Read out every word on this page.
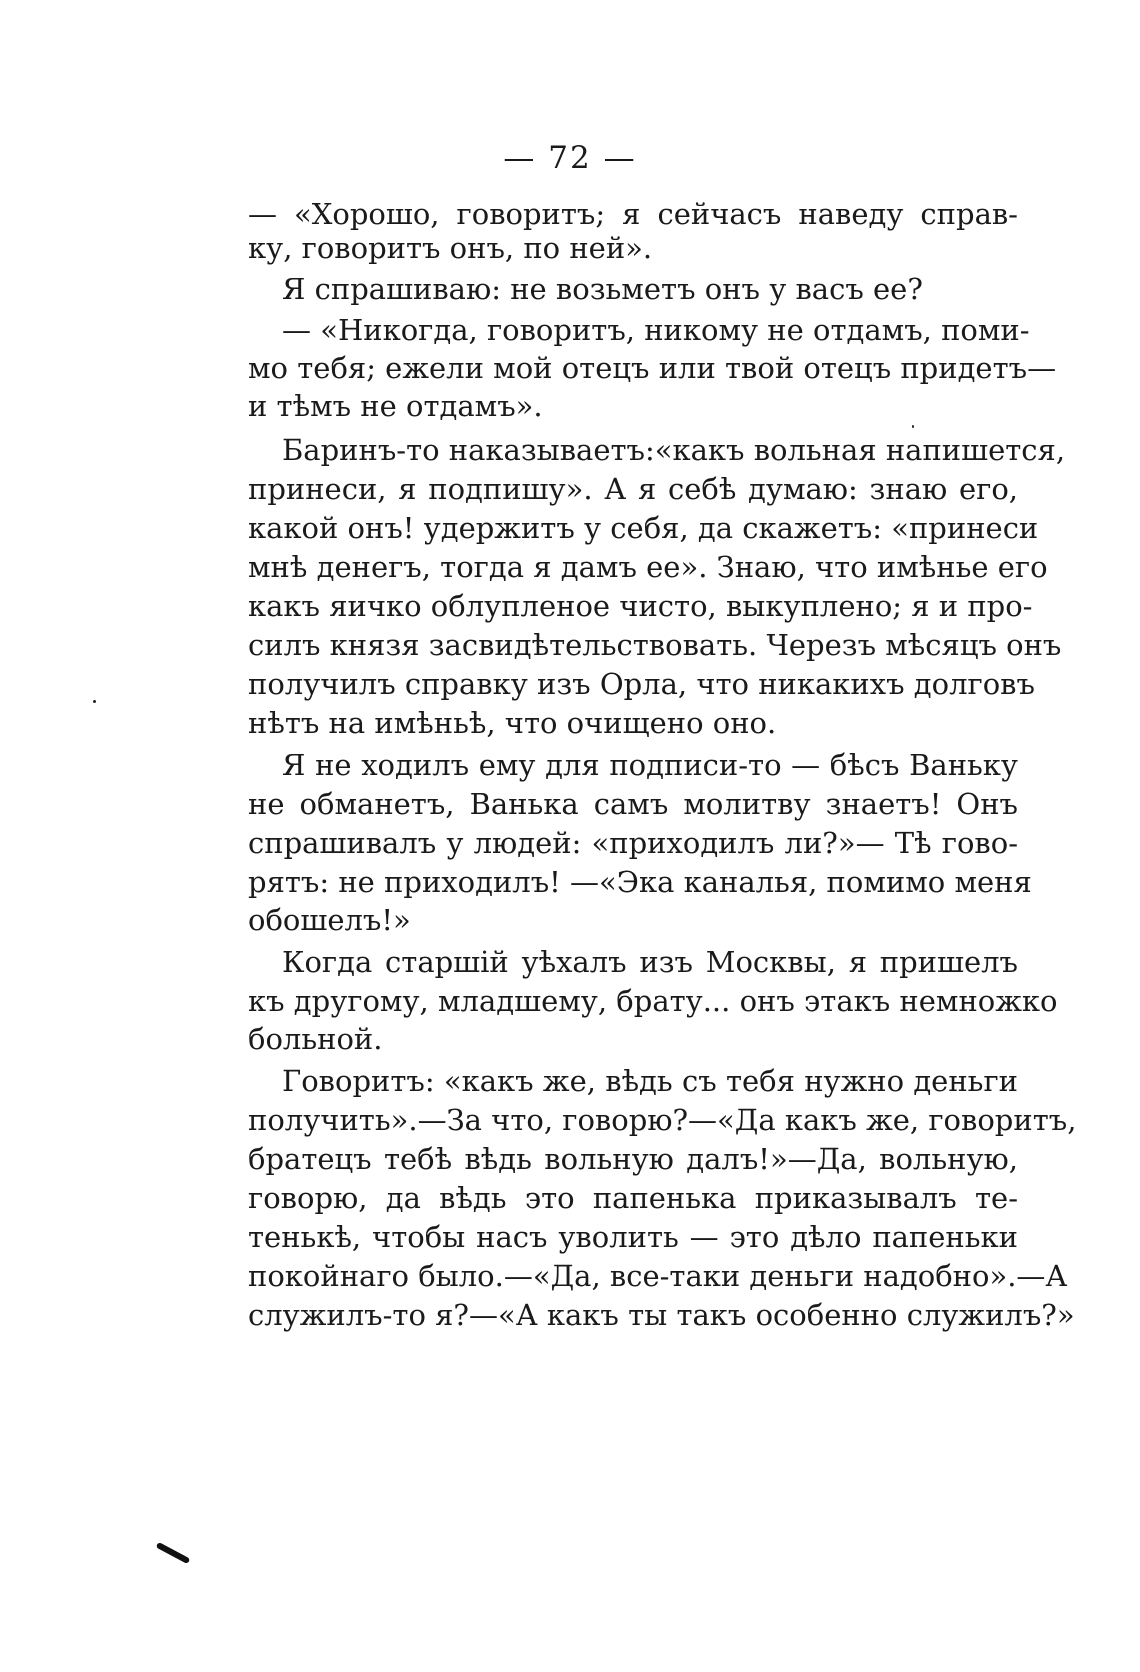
— 72 —
— «Хорошо, говоритъ; я сейчасъ наведу справ-
ку, говоритъ онъ, по ней».
Я спрашиваю: не возьметъ онъ у васъ ее?
— «Никогда, говоритъ, никому не отдамъ, поми-
мо тебя; ежели мой отецъ или твой отецъ придетъ—
и тѣмъ не отдамъ».
Баринъ-то наказываетъ:«какъ вольная напишется,
принеси, я подпишу». А я себѣ думаю: знаю его,
какой онъ! удержитъ у себя, да скажетъ: «принеси
мнѣ денегъ, тогда я дамъ ее». Знаю, что имѣнье его
какъ яичко облупленое чисто, выкуплено; я и про-
силъ князя засвидѣтельствовать. Черезъ мѣсяцъ онъ
получилъ справку изъ Орла, что никакихъ долговъ
нѣтъ на имѣньѣ, что очищено оно.
Я не ходилъ ему для подписи-то — бѣсъ Ваньку
не обманетъ, Ванька самъ молитву знаетъ! Онъ
спрашивалъ у людей: «приходилъ ли?»— Тѣ гово-
рятъ: не приходилъ! —«Эка каналья, помимо меня
обошелъ!»
Когда старшій уѣхалъ изъ Москвы, я пришелъ
къ другому, младшему, брату... онъ этакъ немножко
больной.
Говоритъ: «какъ же, вѣдь съ тебя нужно деньги
получить».—За что, говорю?—«Да какъ же, говоритъ,
братецъ тебѣ вѣдь вольную далъ!»—Да, вольную,
говорю, да вѣдь это папенька приказывалъ те-
тенькѣ, чтобы насъ уволить — это дѣло папеньки
покойнаго было.—«Да, все-таки деньги надобно».—А
служилъ-то я?—«А какъ ты такъ особенно служилъ?»
